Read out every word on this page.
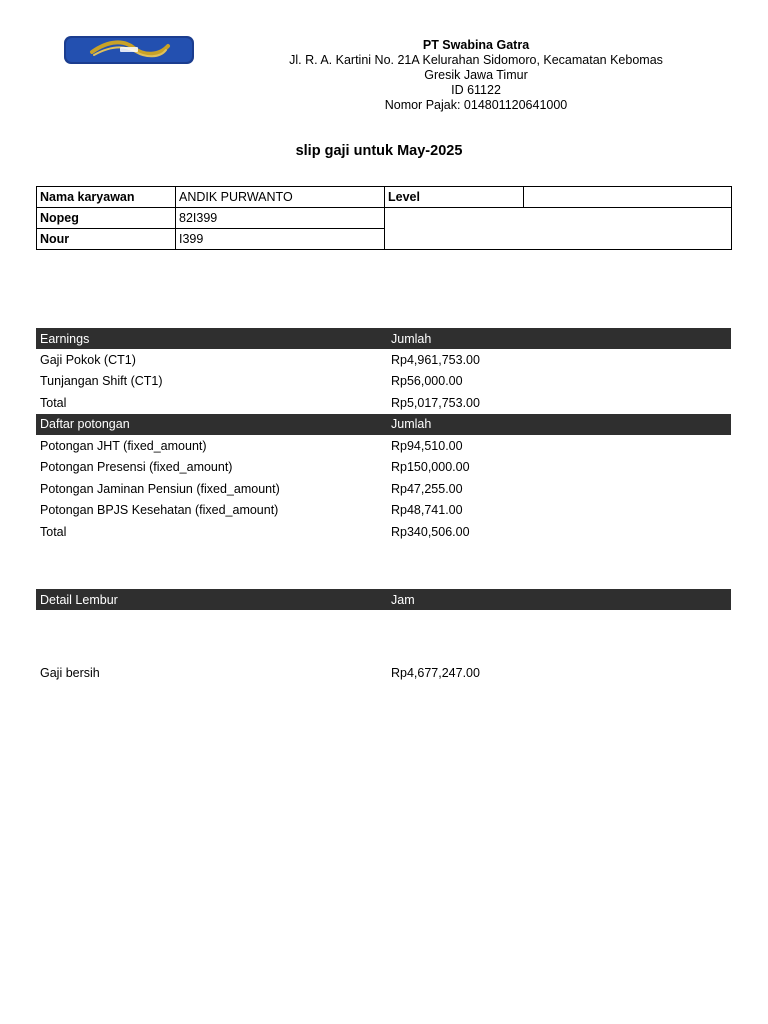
PT Swabina Gatra
Jl. R. A. Kartini No. 21A Kelurahan Sidomoro, Kecamatan Kebomas
Gresik Jawa Timur
ID 61122
Nomor Pajak: 014801120641000
slip gaji untuk May-2025
Nama karyawan	ANDIK PURWANTO	Level	
Nopeg	82I399		
Nour	I399		
Earnings	Jumlah
Gaji Pokok (CT1)	Rp4,961,753.00
Tunjangan Shift (CT1)	Rp56,000.00
Total	Rp5,017,753.00
Daftar potongan	Jumlah
Potongan JHT (fixed_amount)	Rp94,510.00
Potongan Presensi (fixed_amount)	Rp150,000.00
Potongan Jaminan Pensiun (fixed_amount)	Rp47,255.00
Potongan BPJS Kesehatan (fixed_amount)	Rp48,741.00
Total	Rp340,506.00
Detail Lembur	Jam
Gaji bersih	Rp4,677,247.00
